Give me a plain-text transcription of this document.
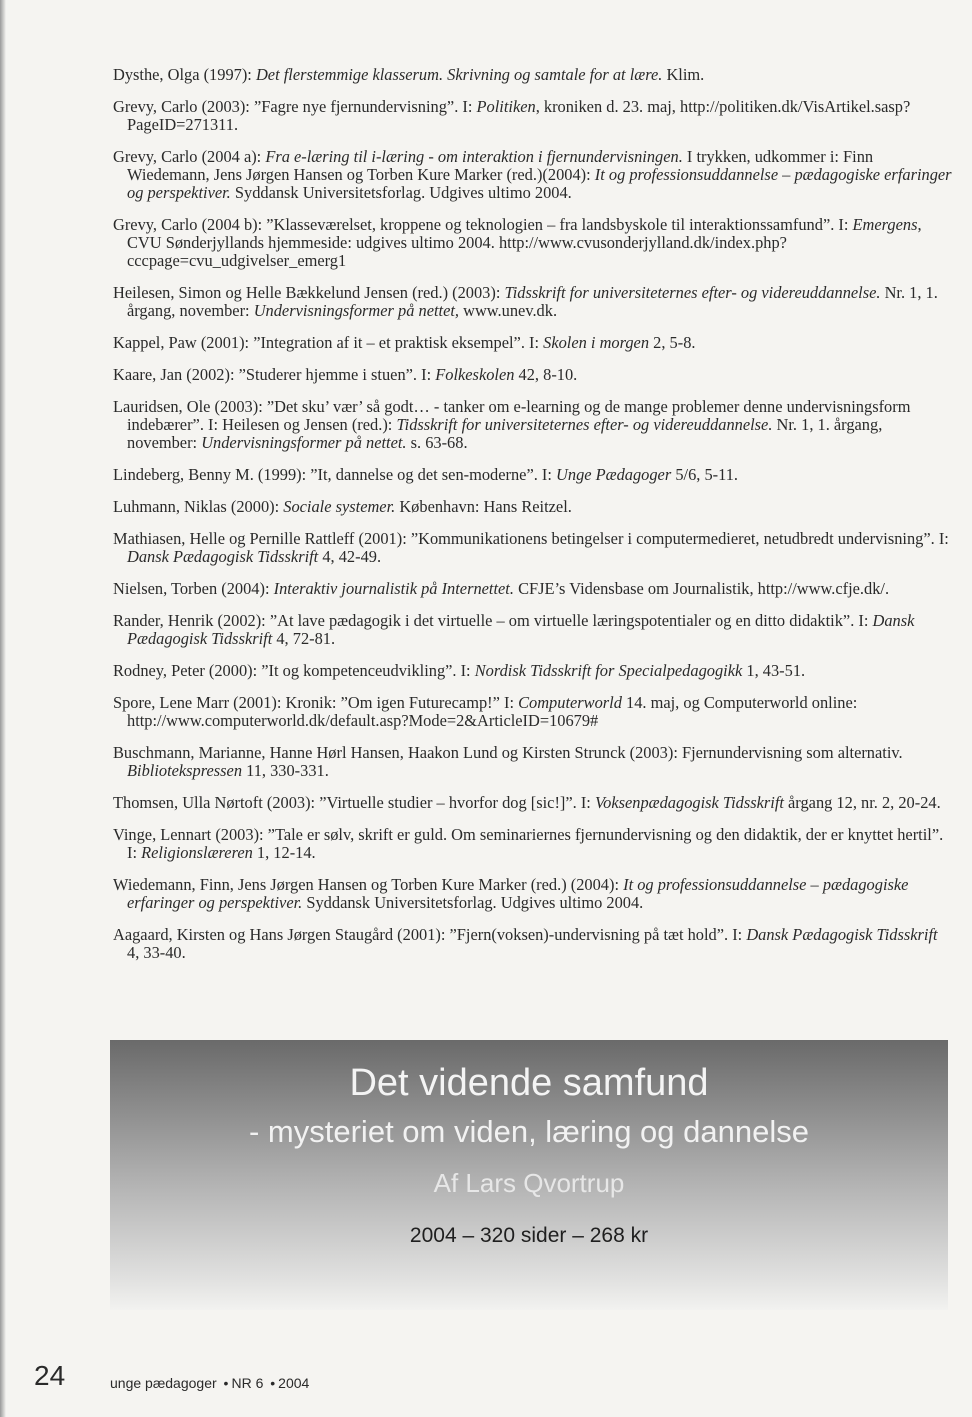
Dysthe, Olga (1997): Det flerstemmige klasserum. Skrivning og samtale for at lære. Klim.

Grevy, Carlo (2003): ”Fagre nye fjernundervisning”. I: Politiken, kroniken d. 23. maj, http://politiken.dk/VisArtikel.sasp?PageID=271311.

Grevy, Carlo (2004 a): Fra e-læring til i-læring - om interaktion i fjernundervisningen. I trykken, udkommer i: Finn Wiedemann, Jens Jørgen Hansen og Torben Kure Marker (red.)(2004): It og professionsuddannelse – pædagogiske erfaringer og perspektiver. Syddansk Universitetsforlag. Udgives ultimo 2004.

Grevy, Carlo (2004 b): ”Klasseværelset, kroppene og teknologien – fra landsbyskole til interaktionssamfund”. I: Emergens, CVU Sønderjyllands hjemmeside: udgives ultimo 2004. http://www.cvusonderjylland.dk/index.php?cccpage=cvu_udgivelser_emerg1

Heilesen, Simon og Helle Bækkelund Jensen (red.) (2003): Tidsskrift for universiteternes efter- og videreuddannelse. Nr. 1, 1. årgang, november: Undervisningsformer på nettet, www.unev.dk.

Kappel, Paw (2001): ”Integration af it – et praktisk eksempel”. I: Skolen i morgen 2, 5-8.

Kaare, Jan (2002): ”Studerer hjemme i stuen”. I: Folkeskolen 42, 8-10.

Lauridsen, Ole (2003): ”Det sku’ vær’ så godt… - tanker om e-learning og de mange problemer denne undervisningsform indebærer”. I: Heilesen og Jensen (red.): Tidsskrift for universiteternes efter- og videreuddannelse. Nr. 1, 1. årgang, november: Undervisningsformer på nettet. s. 63-68.

Lindeberg, Benny M. (1999): ”It, dannelse og det sen-moderne”. I: Unge Pædagoger 5/6, 5-11.

Luhmann, Niklas (2000): Sociale systemer. København: Hans Reitzel.

Mathiasen, Helle og Pernille Rattleff (2001): ”Kommunikationens betingelser i computermedieret, netudbredt undervisning”. I: Dansk Pædagogisk Tidsskrift 4, 42-49.

Nielsen, Torben (2004): Interaktiv journalistik på Internettet. CFJE’s Vidensbase om Journalistik, http://www.cfje.dk/.

Rander, Henrik (2002): ”At lave pædagogik i det virtuelle – om virtuelle læringspotentialer og en ditto didaktik”. I: Dansk Pædagogisk Tidsskrift 4, 72-81.

Rodney, Peter (2000): ”It og kompetenceudvikling”. I: Nordisk Tidsskrift for Specialpedagogikk 1, 43-51.

Spore, Lene Marr (2001): Kronik: ”Om igen Futurecamp!” I: Computerworld 14. maj, og Computerworld online: http://www.computerworld.dk/default.asp?Mode=2&ArticleID=10679#

Buschmann, Marianne, Hanne Hørl Hansen, Haakon Lund og Kirsten Strunck (2003): Fjernundervisning som alternativ. Bibliotekspressen 11, 330-331.

Thomsen, Ulla Nørtoft (2003): ”Virtuelle studier – hvorfor dog [sic!]”. I: Voksenpædagogisk Tidsskrift årgang 12, nr. 2, 20-24.

Vinge, Lennart (2003): ”Tale er sølv, skrift er guld. Om seminariernes fjernundervisning og den didaktik, der er knyttet hertil”. I: Religionslæreren 1, 12-14.

Wiedemann, Finn, Jens Jørgen Hansen og Torben Kure Marker (red.) (2004): It og professionsuddannelse – pædagogiske erfaringer og perspektiver. Syddansk Universitetsforlag. Udgives ultimo 2004.

Aagaard, Kirsten og Hans Jørgen Staugård (2001): ”Fjern(voksen)-undervisning på tæt hold”. I: Dansk Pædagogisk Tidsskrift 4, 33-40.

Det vidende samfund
- mysteriet om viden, læring og dannelse
Af Lars Qvortrup
2004 – 320 sider – 268 kr
24	unge pædagoger • NR 6 • 2004
